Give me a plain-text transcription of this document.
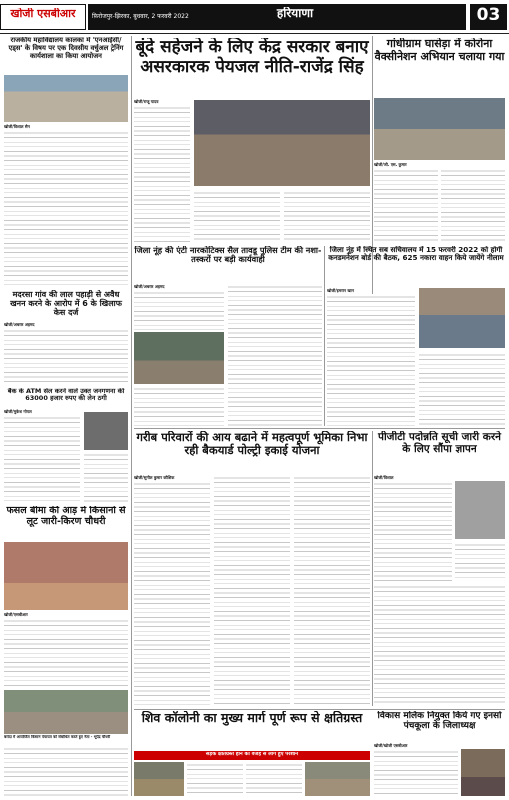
खोजी एसबीआर	फ़िरोजपुर-झिरका, बुधवार, 2 फरवरी 2022	हरियाणा	03
राजकीय महाविद्यालय कालका में 'एनआईसी/एड्स' के विषय पर एक दिवसीय वर्चुअल ट्रेनिंग कार्यशाला का किया आयोजन
खोजी/विशाल सैन
मदरसा गांव की लाल पहाड़ी से अवैध खनन करने के आरोप में 6 के खिलाफ केस दर्ज
खोजी/अबरार अहमद
बैंक के ATM सेल करने वाले उक्त जनगणना की 63000 हजार रुपए की लेन ठगी
खोजी/मुकेश गोयल
फसल बीमा की आड़ में किसानों से लूट जारी-किरण चौधरी
खोजी/एसबीआर
बरोदा में आयोजित किसान पंचायत को संबोधित करते हुए नेता - भूपेंद्र चौधरी
बूंदे सहेजने के लिए केंद्र सरकार बनाए असरकारक पेयजल नीति-राजेंद्र सिंह
खोजी/राजू यादव
गांधीग्राम घासेड़ा में कोरोना वैक्सीनेशन अभियान चलाया गया
खोजी/जी. एस. कुमार
जिला नूंह की एंटी नारकोटिक्स सैल तावडू पुलिस टीम की नशा-तस्करों पर बड़ी कार्यवाही
खोजी/अबरार अहमद
जिला नूंह में स्थित सब सचिवालय में 15 फरवरी 2022 को होगी कनडमनेशन बोर्ड की बैठक, 625 नकारा वाहन किये जायेंगे नीलाम
खोजी/इमरान खान
गरीब परिवारों की आय बढाने में महत्वपूर्ण भूमिका निभा रही बैकयार्ड पोल्ट्री इकाई योजना
खोजी/सुनील कुमार कौशिक
पीजीटी पदोन्नति सूची जारी करने के लिए सौंपा ज्ञापन
खोजी/विशाल
शिव कॉलोनी का मुख्य मार्ग पूर्ण रूप से क्षतिग्रस्त
सड़क क्षतिग्रस्त होने की वजह से लोग हुए परेशान
विकास मलिक नियुक्त किये गए इनसो पंचकूला के जिलाध्यक्ष
खोजी/खोजी एसबीआर
